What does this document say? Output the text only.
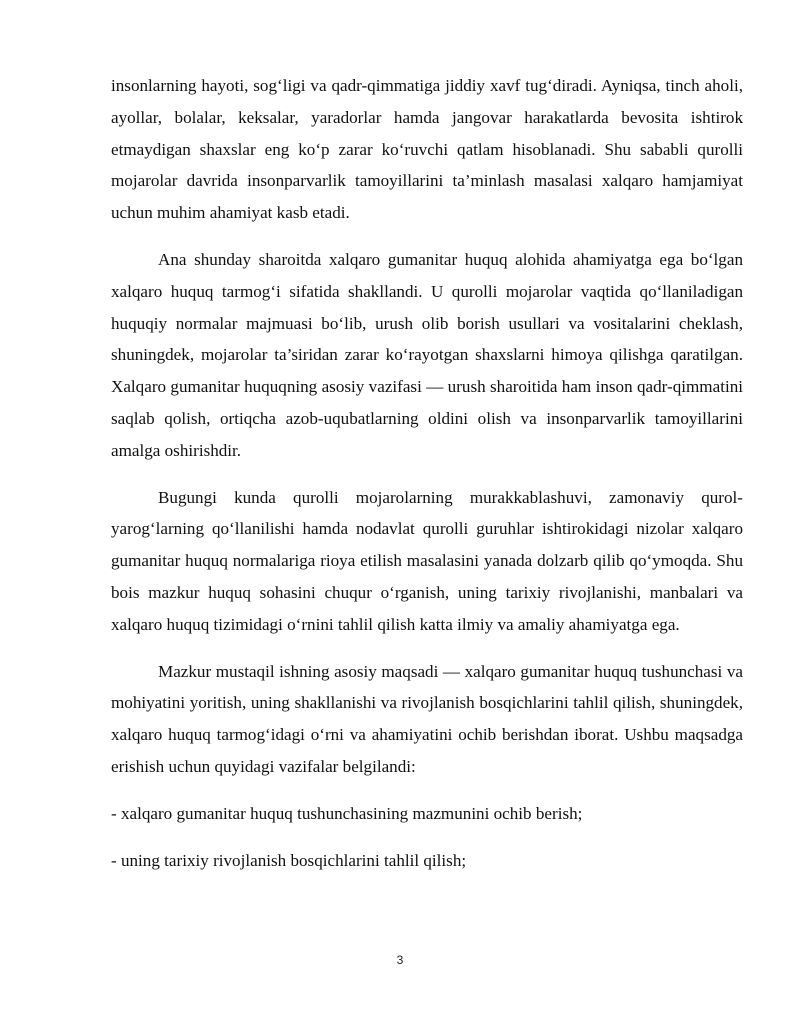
insonlarning hayoti, sog‘ligi va qadr-qimmatiga jiddiy xavf tug‘diradi. Ayniqsa, tinch aholi, ayollar, bolalar, keksalar, yaradorlar hamda jangovar harakatlarda bevosita ishtirok etmaydigan shaxslar eng ko‘p zarar ko‘ruvchi qatlam hisoblanadi. Shu sababli qurolli mojarolar davrida insonparvarlik tamoyillarini ta’minlash masalasi xalqaro hamjamiyat uchun muhim ahamiyat kasb etadi.

Ana shunday sharoitda xalqaro gumanitar huquq alohida ahamiyatga ega bo‘lgan xalqaro huquq tarmog‘i sifatida shakllandi. U qurolli mojarolar vaqtida qo‘llaniladigan huquqiy normalar majmuasi bo‘lib, urush olib borish usullari va vositalarini cheklash, shuningdek, mojarolar ta’siridan zarar ko‘rayotgan shaxslarni himoya qilishga qaratilgan. Xalqaro gumanitar huquqning asosiy vazifasi — urush sharoitida ham inson qadr-qimmatini saqlab qolish, ortiqcha azob-uqubatlarning oldini olish va insonparvarlik tamoyillarini amalga oshirishdir.

Bugungi kunda qurolli mojarolarning murakkablashuvi, zamonaviy qurol-yarog‘larning qo‘llanilishi hamda nodavlat qurolli guruhlar ishtirokidagi nizolar xalqaro gumanitar huquq normalariga rioya etilish masalasini yanada dolzarb qilib qo‘ymoqda. Shu bois mazkur huquq sohasini chuqur o‘rganish, uning tarixiy rivojlanishi, manbalari va xalqaro huquq tizimidagi o‘rnini tahlil qilish katta ilmiy va amaliy ahamiyatga ega.

Mazkur mustaqil ishning asosiy maqsadi — xalqaro gumanitar huquq tushunchasi va mohiyatini yoritish, uning shakllanishi va rivojlanish bosqichlarini tahlil qilish, shuningdek, xalqaro huquq tarmog‘idagi o‘rni va ahamiyatini ochib berishdan iborat. Ushbu maqsadga erishish uchun quyidagi vazifalar belgilandi:

- xalqaro gumanitar huquq tushunchasining mazmunini ochib berish;

- uning tarixiy rivojlanish bosqichlarini tahlil qilish;

3
